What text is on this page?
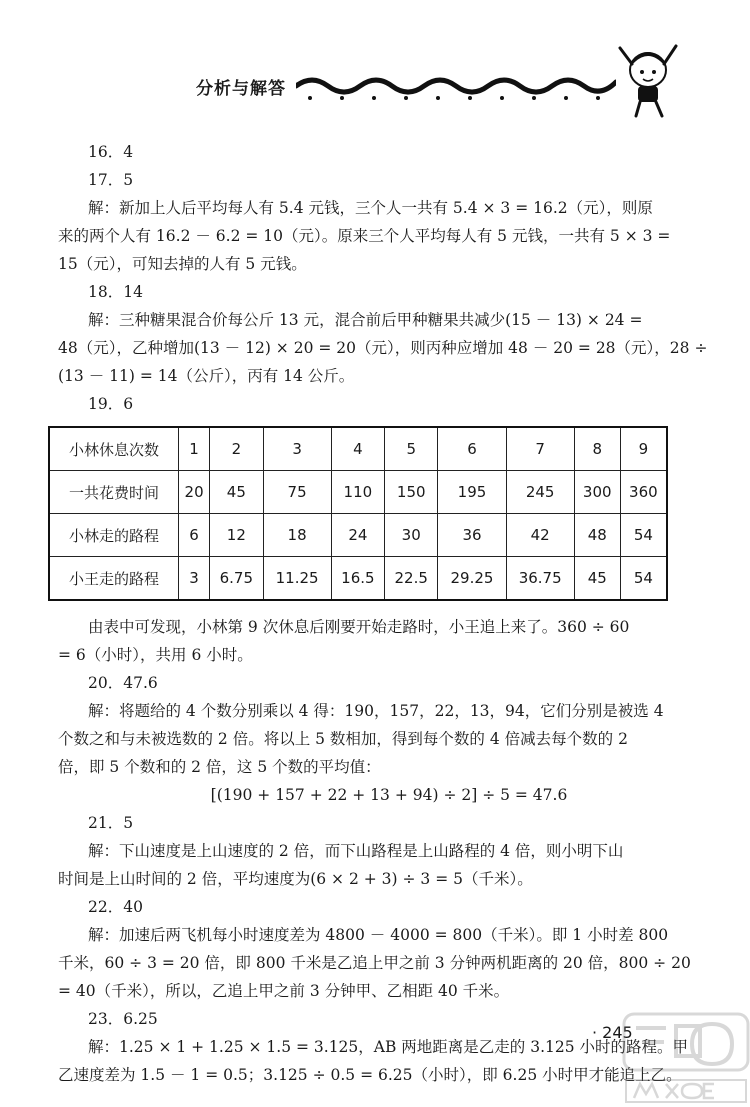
分析与解答
16．4
17．5
解：新加上人后平均每人有 5.4 元钱，三个人一共有 5.4 × 3 = 16.2（元），则原
来的两个人有 16.2 － 6.2 = 10（元）。原来三个人平均每人有 5 元钱，一共有 5 × 3 =
15（元），可知去掉的人有 5 元钱。
18．14
解：三种糖果混合价每公斤 13 元，混合前后甲种糖果共减少(15 － 13) × 24 =
48（元），乙种增加(13 － 12) × 20 = 20（元），则丙种应增加 48 － 20 = 28（元），28 ÷
(13 － 11) = 14（公斤），丙有 14 公斤。
19．6
小林休息次数	1	2	3	4	5	6	7	8	9
一共花费时间	20	45	75	110	150	195	245	300	360
小林走的路程	6	12	18	24	30	36	42	48	54
小王走的路程	3	6.75	11.25	16.5	22.5	29.25	36.75	45	54
由表中可发现，小林第 9 次休息后刚要开始走路时，小王追上来了。360 ÷ 60
= 6（小时），共用 6 小时。
20．47.6
解：将题给的 4 个数分别乘以 4 得：190，157，22，13，94，它们分别是被选 4
个数之和与未被选数的 2 倍。将以上 5 数相加，得到每个数的 4 倍减去每个数的 2
倍，即 5 个数和的 2 倍，这 5 个数的平均值：
[(190 + 157 + 22 + 13 + 94) ÷ 2] ÷ 5 = 47.6
21．5
解：下山速度是上山速度的 2 倍，而下山路程是上山路程的 4 倍，则小明下山
时间是上山时间的 2 倍，平均速度为(6 × 2 + 3) ÷ 3 = 5（千米）。
22．40
解：加速后两飞机每小时速度差为 4800 － 4000 = 800（千米）。即 1 小时差 800
千米，60 ÷ 3 = 20 倍，即 800 千米是乙追上甲之前 3 分钟两机距离的 20 倍，800 ÷ 20
= 40（千米），所以，乙追上甲之前 3 分钟甲、乙相距 40 千米。
23．6.25
解：1.25 × 1 + 1.25 × 1.5 = 3.125，AB 两地距离是乙走的 3.125 小时的路程。甲
乙速度差为 1.5 － 1 = 0.5；3.125 ÷ 0.5 = 6.25（小时），即 6.25 小时甲才能追上乙。
· 245
